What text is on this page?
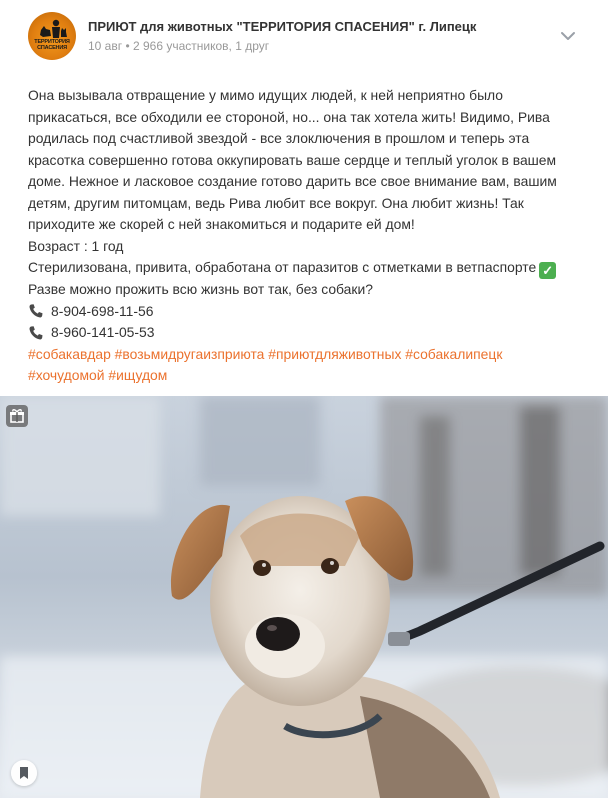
ТЕРРИТОРИЯ
СПАСЕНИЯ
ПРИЮТ для животных "ТЕРРИТОРИЯ СПАСЕНИЯ" г. Липецк
10 авг • 2 966 участников, 1 друг

Она вызывала отвращение у мимо идущих людей, к ней неприятно было прикасаться, все обходили ее стороной, но... она так хотела жить! Видимо, Рива родилась под счастливой звездой - все злоключения в прошлом и теперь эта красотка совершенно готова оккупировать ваше сердце и теплый уголок в вашем доме. Нежное и ласковое создание готово дарить все свое внимание вам, вашим детям, другим питомцам, ведь Рива любит все вокруг. Она любит жизнь! Так приходите же скорей с ней знакомиться и подарите ей дом!

Возраст : 1 год

Стерилизована, привита, обработана от паразитов с отметками в ветпаспорте ✓

Разве можно прожить всю жизнь вот так, без собаки?

8-904-698-11-56
8-960-141-05-53

#собакавдар #возьмидругаизприюта #приютдляживотных #собакалипецк #хочудомой #ищудом
